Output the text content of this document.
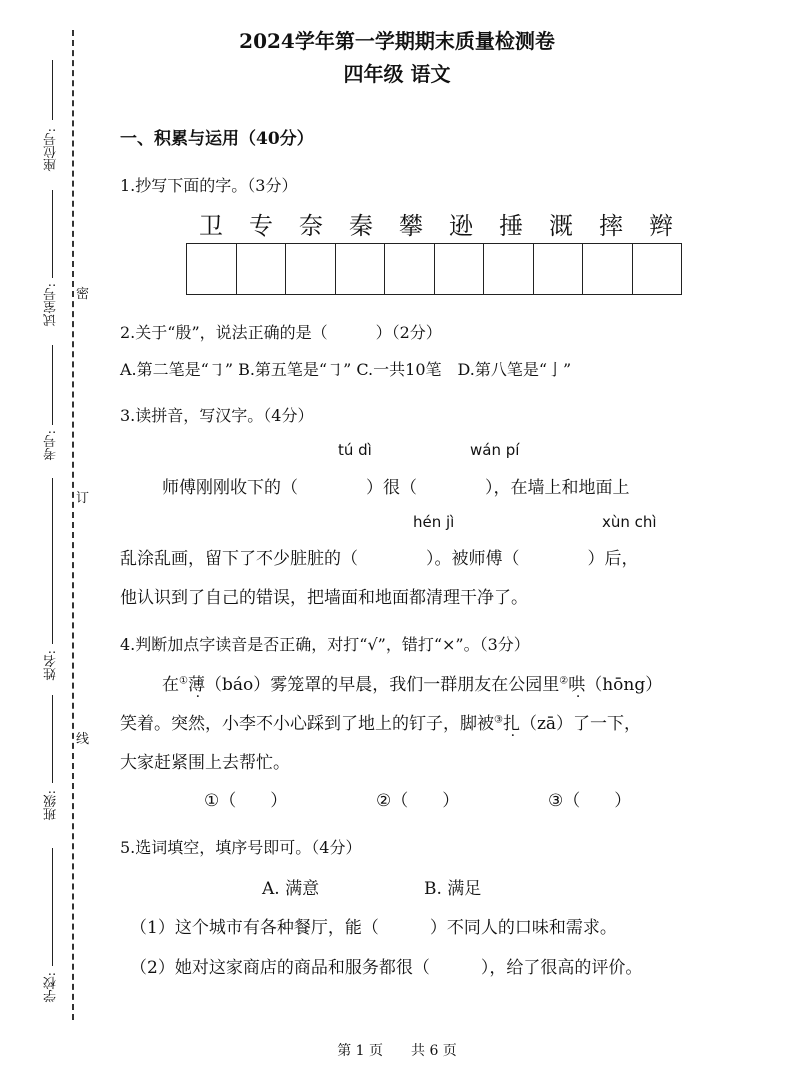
座位号:
试室号:
考号:
姓名:
班级:
学校:
密
订
线
2024学年第一学期期末质量检测卷
四年级 语文
一、积累与运用（40分）
1.抄写下面的字。（3分）
卫 专 奈 秦 攀 逊 捶 溉 摔 辫
2.关于“殷”，说法正确的是（　　　）（2分）
A.第二笔是“㇆” B.第五笔是“㇆” C.一共10笔　D.第八笔是“亅”
3.读拼音，写汉字。（4分）
tú dì	wán pí
师傅刚刚收下的（　　　　）很（　　　　），在墙上和地面上
hén jì	xùn chì
乱涂乱画，留下了不少脏脏的（　　　　）。被师傅（　　　　）后，
他认识到了自己的错误，把墙面和地面都清理干净了。
4.判断加点字读音是否正确，对打“√”，错打“×”。（3分）
在①薄（báo）雾笼罩的早晨，我们一群朋友在公园里②哄（hōng）
笑着。突然，小李不小心踩到了地上的钉子，脚被③扎（zā）了一下，
大家赶紧围上去帮忙。
①（　　）	②（　　）	③（　　）
5.选词填空，填序号即可。（4分）
A. 满意	B. 满足
（1）这个城市有各种餐厅，能（　　　）不同人的口味和需求。
（2）她对这家商店的商品和服务都很（　　　），给了很高的评价。
第 1 页　　共 6 页
